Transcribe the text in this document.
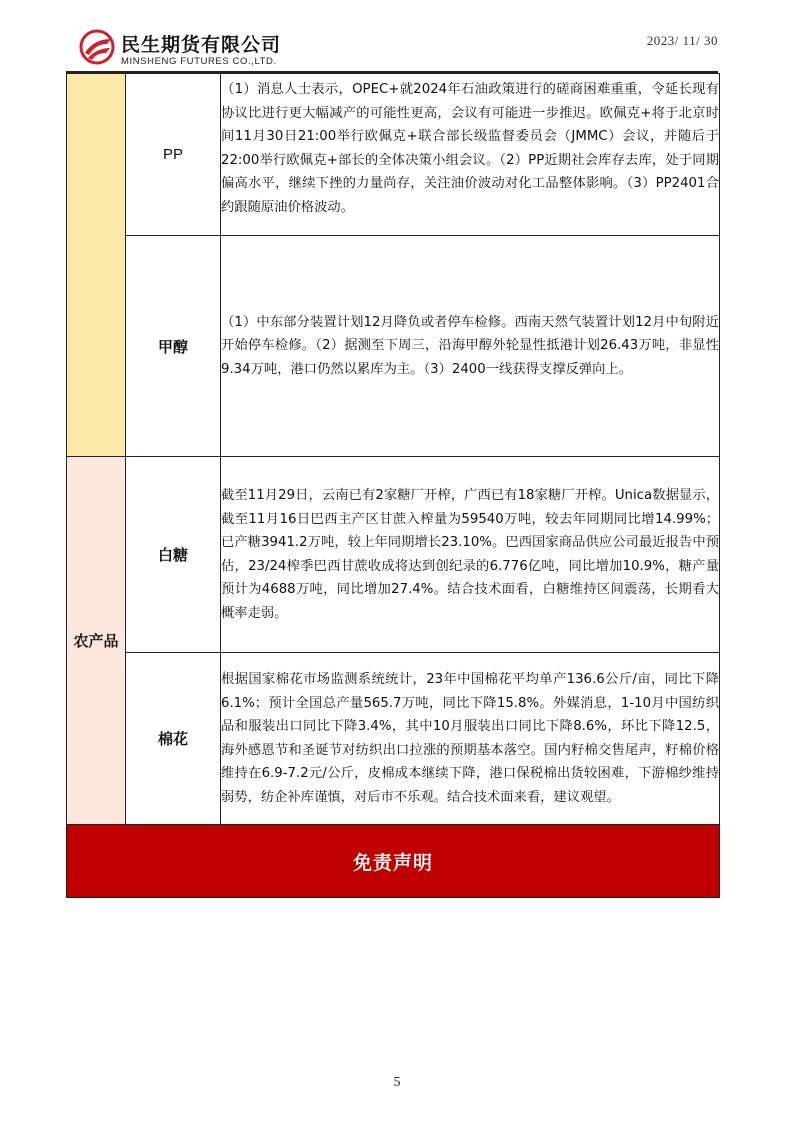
民生期货有限公司
MINSHENG FUTURES CO.,LTD.
2023/ 11/ 30
	PP	（1）消息人士表示，OPEC+就2024年石油政策进行的磋商困难重重，令延长现有协议比进行更大幅减产的可能性更高，会议有可能进一步推迟。欧佩克+将于北京时间11月30日21:00举行欧佩克+联合部长级监督委员会（JMMC）会议，并随后于22:00举行欧佩克+部长的全体决策小组会议。（2）PP近期社会库存去库，处于同期偏高水平，继续下挫的力量尚存，关注油价波动对化工品整体影响。（3）PP2401合约跟随原油价格波动。
	甲醇	（1）中东部分装置计划12月降负或者停车检修。西南天然气装置计划12月中旬附近开始停车检修。（2）据测至下周三，沿海甲醇外轮显性抵港计划26.43万吨，非显性9.34万吨，港口仍然以累库为主。（3）2400一线获得支撑反弹向上。
农产品	白糖	截至11月29日，云南已有2家糖厂开榨，广西已有18家糖厂开榨。Unica数据显示，截至11月16日巴西主产区甘蔗入榨量为59540万吨，较去年同期同比增14.99%；已产糖3941.2万吨，较上年同期增长23.10%。巴西国家商品供应公司最近报告中预估，23/24榨季巴西甘蔗收成将达到创纪录的6.776亿吨，同比增加10.9%，糖产量预计为4688万吨，同比增加27.4%。结合技术面看，白糖维持区间震荡，长期看大概率走弱。
	棉花	根据国家棉花市场监测系统统计，23年中国棉花平均单产136.6公斤/亩，同比下降6.1%；预计全国总产量565.7万吨，同比下降15.8%。外媒消息，1-10月中国纺织品和服装出口同比下降3.4%，其中10月服装出口同比下降8.6%，环比下降12.5，海外感恩节和圣诞节对纺织出口拉涨的预期基本落空。国内籽棉交售尾声，籽棉价格维持在6.9-7.2元/公斤，皮棉成本继续下降，港口保税棉出货较困难，下游棉纱维持弱势，纺企补库谨慎，对后市不乐观。结合技术面来看，建议观望。
免责声明		
5
